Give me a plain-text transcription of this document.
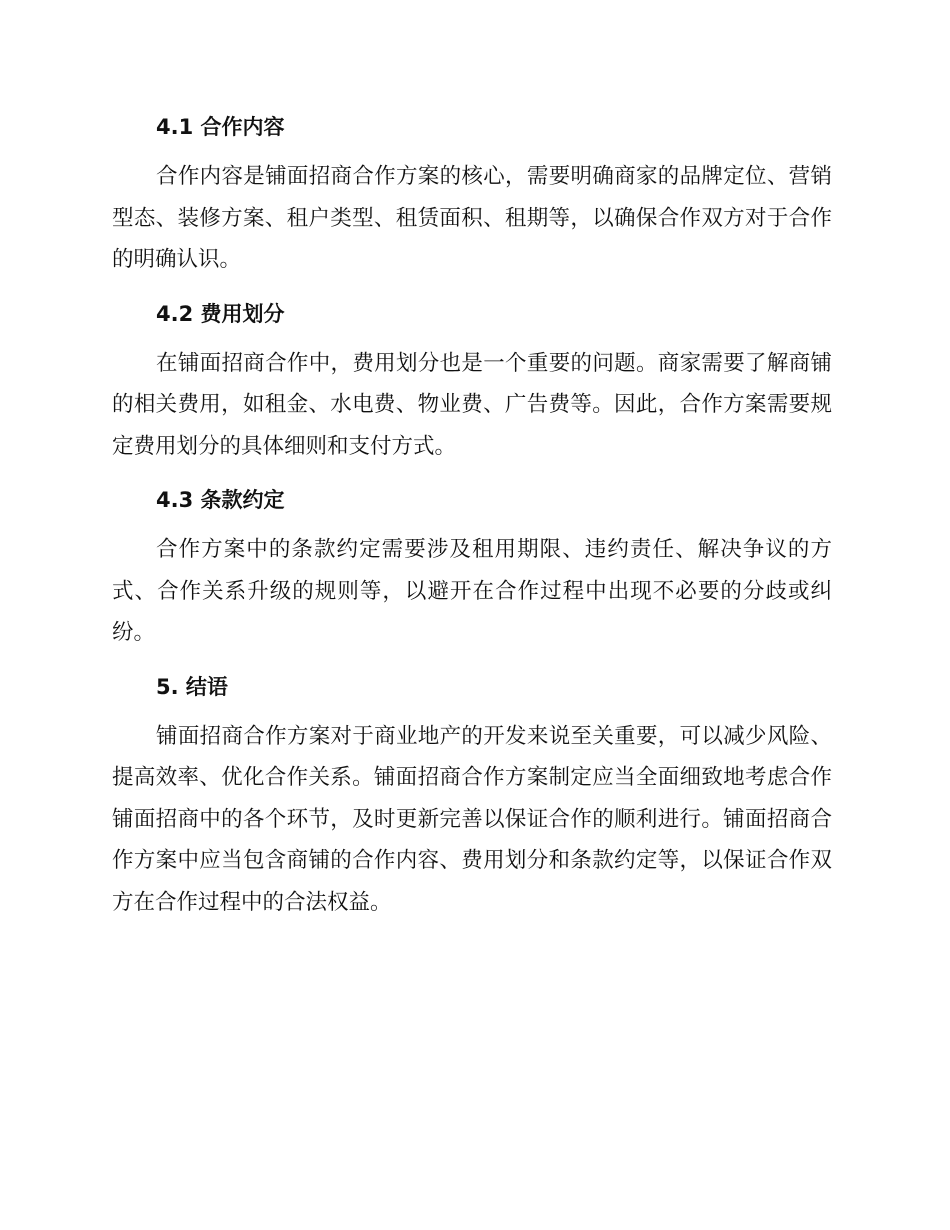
4.1 合作内容

合作内容是铺面招商合作方案的核心，需要明确商家的品牌定位、营销型态、装修方案、租户类型、租赁面积、租期等，以确保合作双方对于合作的明确认识。

4.2 费用划分

在铺面招商合作中，费用划分也是一个重要的问题。商家需要了解商铺的相关费用，如租金、水电费、物业费、广告费等。因此，合作方案需要规定费用划分的具体细则和支付方式。

4.3 条款约定

合作方案中的条款约定需要涉及租用期限、违约责任、解决争议的方式、合作关系升级的规则等，以避开在合作过程中出现不必要的分歧或纠纷。

5. 结语

铺面招商合作方案对于商业地产的开发来说至关重要，可以减少风险、提高效率、优化合作关系。铺面招商合作方案制定应当全面细致地考虑合作铺面招商中的各个环节，及时更新完善以保证合作的顺利进行。铺面招商合作方案中应当包含商铺的合作内容、费用划分和条款约定等，以保证合作双方在合作过程中的合法权益。
